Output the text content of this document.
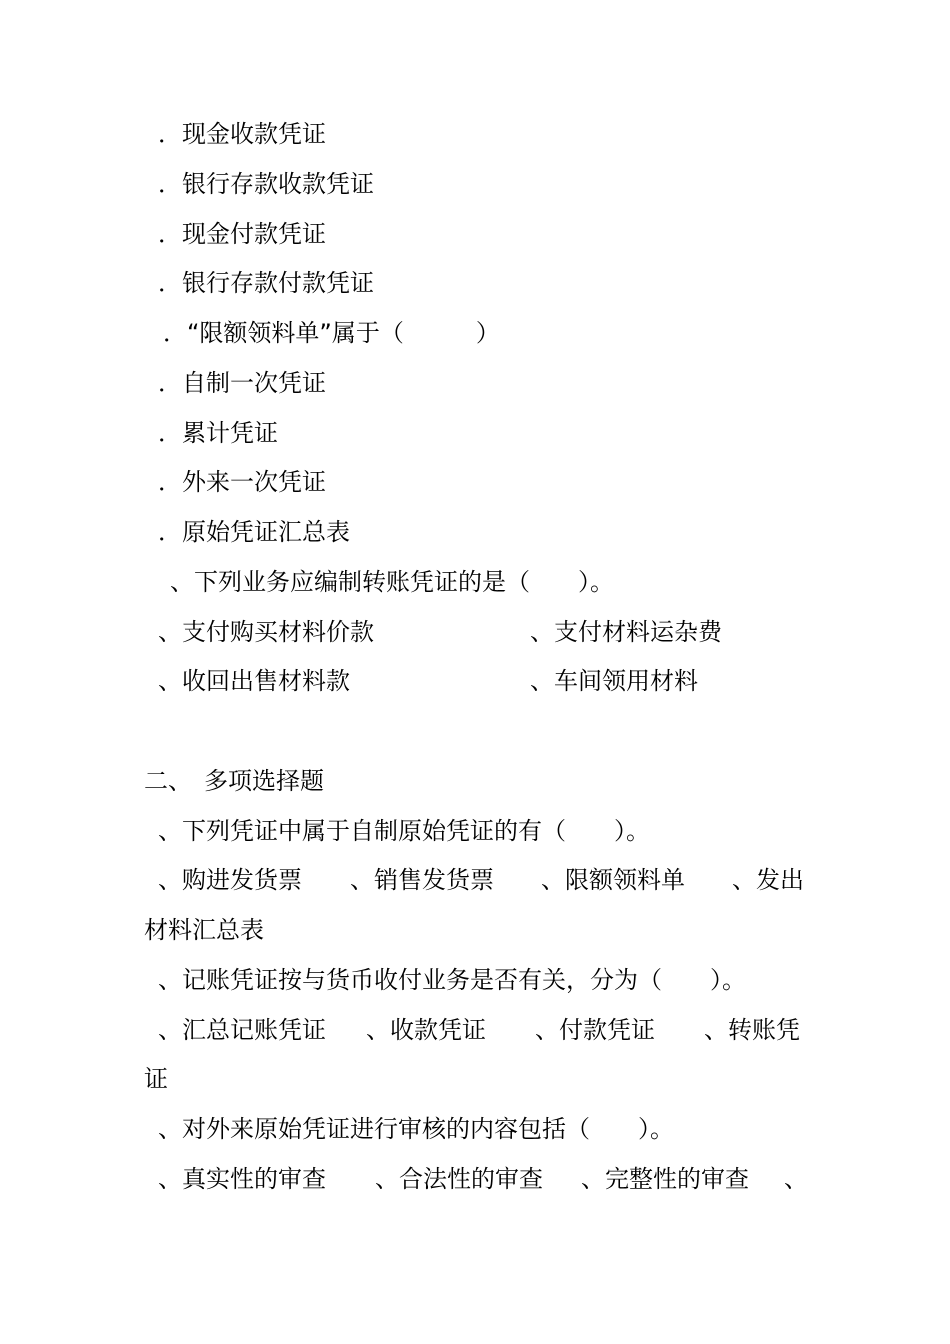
．现金收款凭证
．银行存款收款凭证
．现金付款凭证
．银行存款付款凭证
．“限额领料单”属于（　　　）
．自制一次凭证
．累计凭证
．外来一次凭证
．原始凭证汇总表
、下列业务应编制转账凭证的是（　　）。
、支付购买材料价款	、支付材料运杂费
、收回出售材料款	、车间领用材料
二、　多项选择题
、下列凭证中属于自制原始凭证的有（　　）。
、购进发货票 、销售发货票 、限额领料单 、发出
材料汇总表
、记账凭证按与货币收付业务是否有关，分为（　　）。
、汇总记账凭证 、收款凭证 、付款凭证 、转账凭
证
、对外来原始凭证进行审核的内容包括（　　）。
、真实性的审查 、合法性的审查 、完整性的审查 、
